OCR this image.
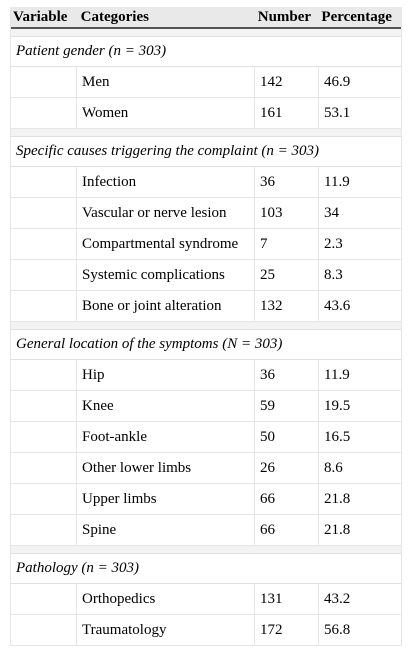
Variable Categories	Number Percentage
Patient gender (n = 303)
Men	142	46.9
Women	161	53.1
Specific causes triggering the complaint (n = 303)
Infection	36	11.9
Vascular or nerve lesion	103	34
Compartmental syndrome	7	2.3
Systemic complications	25	8.3
Bone or joint alteration	132	43.6
General location of the symptoms (N = 303)
Hip	36	11.9
Knee	59	19.5
Foot-ankle	50	16.5
Other lower limbs	26	8.6
Upper limbs	66	21.8
Spine	66	21.8
Pathology (n = 303)
Orthopedics	131	43.2
Traumatology	172	56.8
